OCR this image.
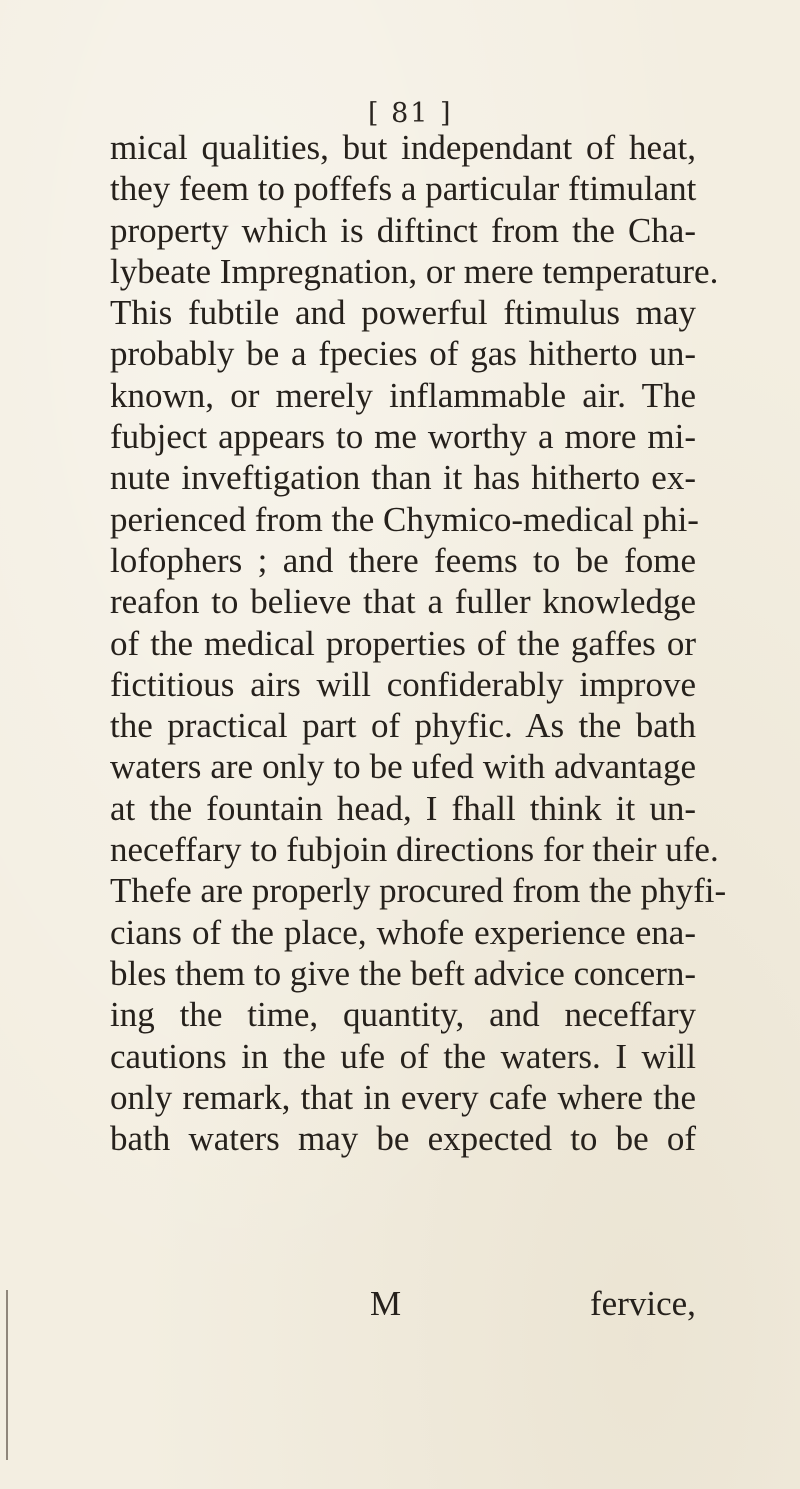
[ 81 ]
mical qualities, but independant of heat,
they feem to poffefs a particular ftimulant
property which is diftinct from the Cha-
lybeate Impregnation, or mere temperature.
This fubtile and powerful ftimulus may
probably be a fpecies of gas hitherto un-
known, or merely inflammable air. The
fubject appears to me worthy a more mi-
nute inveftigation than it has hitherto ex-
perienced from the Chymico-medical phi-
lofophers ; and there feems to be fome
reafon to believe that a fuller knowledge
of the medical properties of the gaffes or
fictitious airs will confiderably improve
the practical part of phyfic. As the bath
waters are only to be ufed with advantage
at the fountain head, I fhall think it un-
neceffary to fubjoin directions for their ufe.
Thefe are properly procured from the phyfi-
cians of the place, whofe experience ena-
bles them to give the beft advice concern-
ing the time, quantity, and neceffary
cautions in the ufe of the waters. I will
only remark, that in every cafe where the
bath waters may be expected to be of
M	fervice,
